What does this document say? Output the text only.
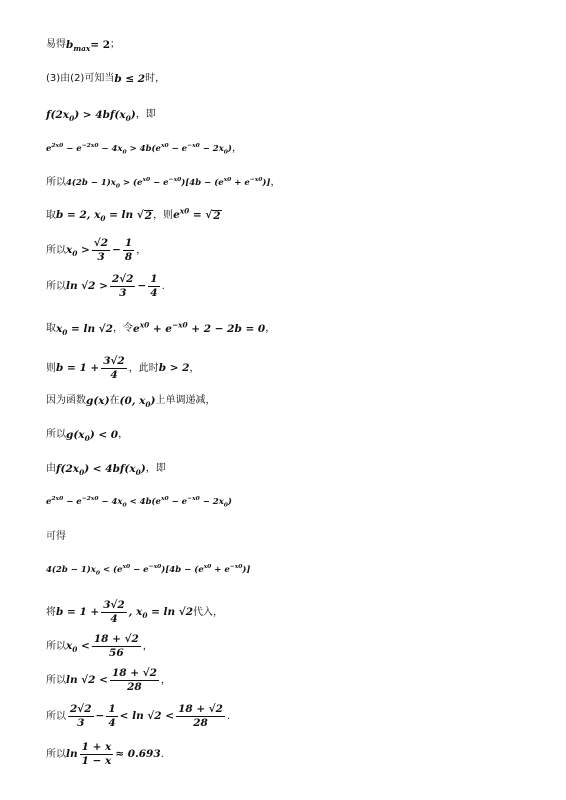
易得 $b_{max} = 2$ ；
(3)由(2)可知当 b ≤ 2 时，
$f(2x_0) > 4bf(x_0)$ ，即
$e^{2x0} - e^{-2x0} - 4x_0 > 4b(e^{x0} - e^{-x0} - 2x_0)$ ，
所以 $4(2b - 1)x_0 > (e^{x0} - e^{-x0})[4b - (e^{x0} + e^{-x0})]$ ，
取 b = 2, $x_0 = \ln$ √ 2 ，则 $e^{x0}$ = √ 2
所以 $x_0 > \frac{√2}{3} - \frac{1}{8}$ ，
所以 $\ln √2 > \frac{2√2}{3} - \frac{1}{4}$ .
取 $x_0 = \ln √2$ ，令 $e^{x0} + e^{-x0} + 2 - 2b = 0$ ，
则 $b = 1 + \frac{3√2}{4}$ ，此时 b > 2 ，
因为函数 g(x) 在 (0, $x_0$) 上单调递减，
所以 $g(x_0) < 0$ ，
由 $f(2x_0) < 4bf(x_0)$ ，即
$e^{2x0} - e^{-2x0} - 4x_0 < 4b(e^{x0} - e^{-x0} - 2x_0)$
可得
$4(2b - 1)x_0 < (e^{x0} - e^{-x0})[4b - (e^{x0} + e^{-x0})]$
将 $b = 1 + \frac{3√2}{4}$ , $x_0 = \ln √2$ 代入，
所以 $x_0 < \frac{18 + √2}{56}$ ，
所以 $\ln √2 < \frac{18 + √2}{28}$ ，
所以 $\frac{2√2}{3} - \frac{1}{4} < \ln √2 < \frac{18 + √2}{28}$ .
所以 $\ln \frac{1 + x}{1 - x} \approx 0.693$ .
